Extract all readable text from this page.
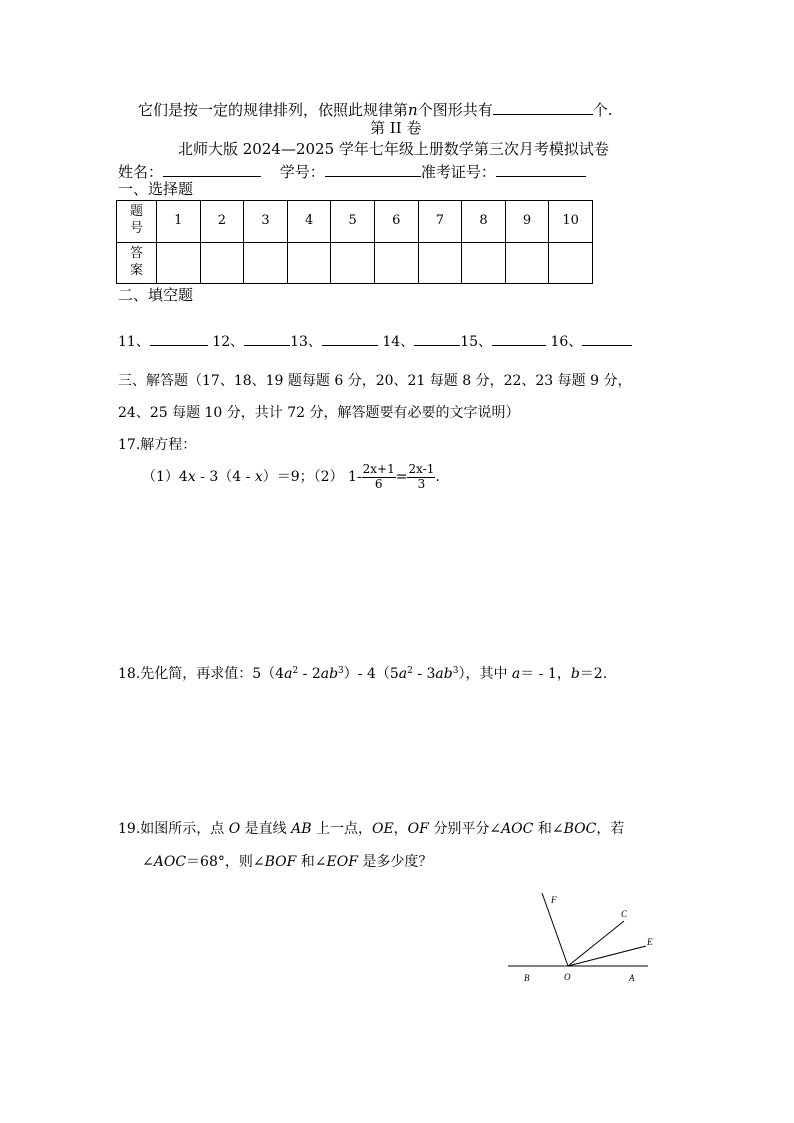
它们是按一定的规律排列，依照此规律第n个图形共有	个.
第 II 卷
北师大版 2024—2025 学年七年级上册数学第三次月考模拟试卷
姓名：	学号：	准考证号：
一、选择题
题号	1	2	3	4	5	6	7	8	9	10
答案										
二、填空题
11、	12、	13、	14、	15、	16、
三、解答题（17、18、19 题每题 6 分，20、21 每题 8 分，22、23 每题 9 分，
24、25 每题 10 分，共计 72 分，解答题要有必要的文字说明）
17.解方程：
（1）4x - 3（4 - x）＝9；（2） $1- \frac{2x+1}{6} = \frac{2x-1}{3}$ .
18.先化简，再求值：$5(4a^2 - 2ab^3)-$ $4(5a^2 - 3ab^3)$，其中 a＝ - 1，b＝2.
19.如图所示，点 O 是直线 AB 上一点，OE，OF 分别平分∠AOC 和∠BOC，若
∠AOC＝68°，则∠BOF 和∠EOF 是多少度？
F
C
E
B	O	A
